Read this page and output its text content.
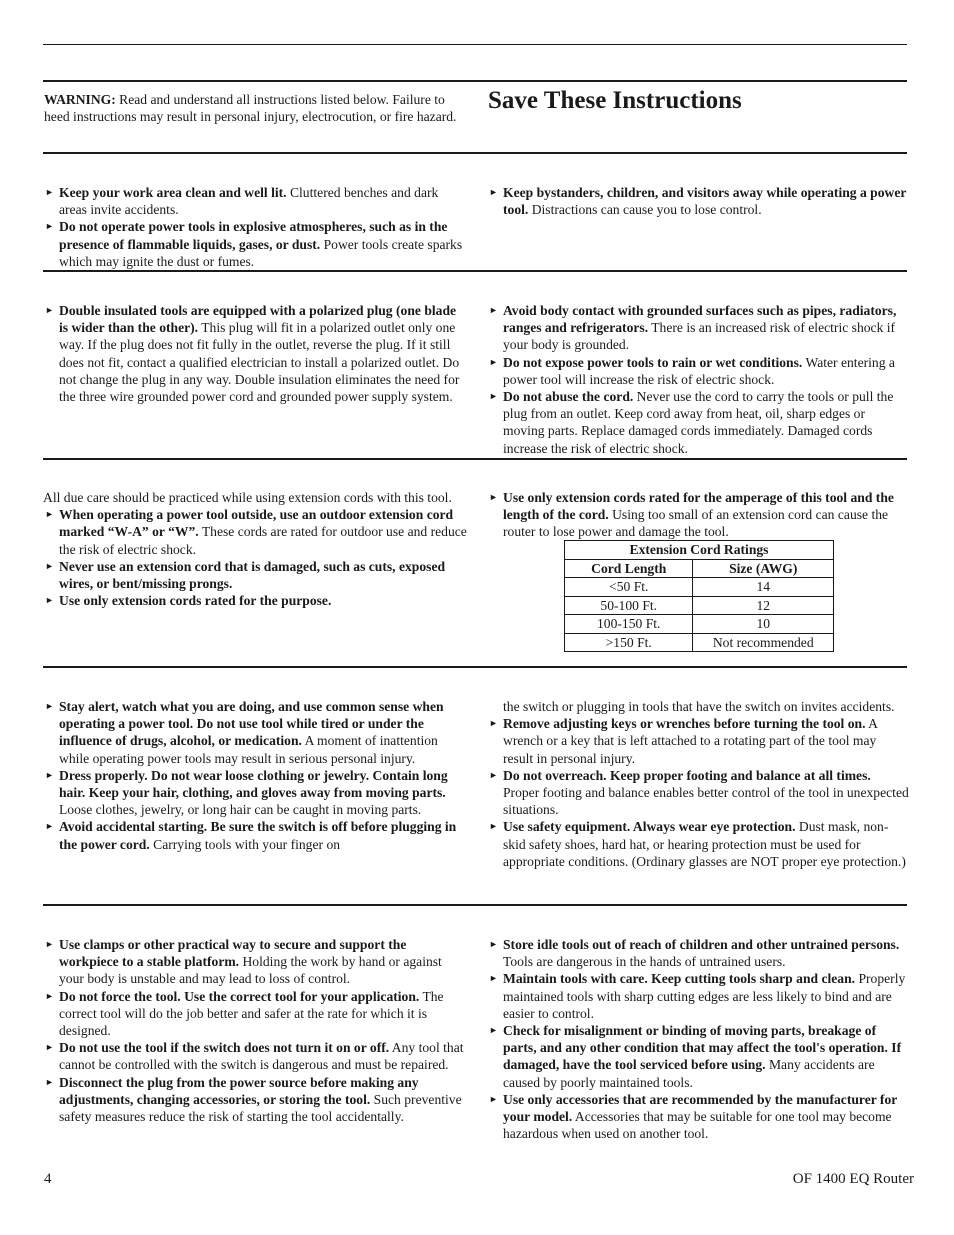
WARNING: Read and understand all instructions listed below. Failure to heed instructions may result in personal injury, electrocution, or fire hazard.
Save These Instructions
► Keep your work area clean and well lit. Cluttered benches and dark areas invite accidents.
► Do not operate power tools in explosive atmospheres, such as in the presence of flammable liquids, gases, or dust. Power tools create sparks which may ignite the dust or fumes.
► Keep bystanders, children, and visitors away while operating a power tool. Distractions can cause you to lose control.
► Double insulated tools are equipped with a polarized plug (one blade is wider than the other). This plug will fit in a polarized outlet only one way. If the plug does not fit fully in the outlet, reverse the plug. If it still does not fit, contact a qualified electrician to install a polarized outlet. Do not change the plug in any way. Double insulation eliminates the need for the three wire grounded power cord and grounded power supply system.
► Avoid body contact with grounded surfaces such as pipes, radiators, ranges and refrigerators. There is an increased risk of electric shock if your body is grounded.
► Do not expose power tools to rain or wet conditions. Water entering a power tool will increase the risk of electric shock.
► Do not abuse the cord. Never use the cord to carry the tools or pull the plug from an outlet. Keep cord away from heat, oil, sharp edges or moving parts. Replace damaged cords immediately. Damaged cords increase the risk of electric shock.

All due care should be practiced while using extension cords with this tool.

► When operating a power tool outside, use an outdoor extension cord marked “W-A” or “W”. These cords are rated for outdoor use and reduce the risk of electric shock.
► Never use an extension cord that is damaged, such as cuts, exposed wires, or bent/missing prongs.
► Use only extension cords rated for the purpose.
► Use only extension cords rated for the amperage of this tool and the length of the cord. Using too small of an extension cord can cause the router to lose power and damage the tool.
Extension Cord Ratings	
Cord Length	Size (AWG)
<50 Ft.	14
50-100 Ft.	12
100-150 Ft.	10
>150 Ft.	Not recommended
► Stay alert, watch what you are doing, and use common sense when operating a power tool. Do not use tool while tired or under the influence of drugs, alcohol, or medication. A moment of inattention while operating power tools may result in serious personal injury.
► Dress properly. Do not wear loose clothing or jewelry. Contain long hair. Keep your hair, clothing, and gloves away from moving parts. Loose clothes, jewelry, or long hair can be caught in moving parts.
► Avoid accidental starting. Be sure the switch is off before plugging in the power cord. Carrying tools with your finger on

the switch or plugging in tools that have the switch on invites accidents.

► Remove adjusting keys or wrenches before turning the tool on. A wrench or a key that is left attached to a rotating part of the tool may result in personal injury.
► Do not overreach. Keep proper footing and balance at all times. Proper footing and balance enables better control of the tool in unexpected situations.
► Use safety equipment. Always wear eye protection. Dust mask, non-skid safety shoes, hard hat, or hearing protection must be used for appropriate conditions. (Ordinary glasses are NOT proper eye protection.)
► Use clamps or other practical way to secure and support the workpiece to a stable platform. Holding the work by hand or against your body is unstable and may lead to loss of control.
► Do not force the tool. Use the correct tool for your application. The correct tool will do the job better and safer at the rate for which it is designed.
► Do not use the tool if the switch does not turn it on or off. Any tool that cannot be controlled with the switch is dangerous and must be repaired.
► Disconnect the plug from the power source before making any adjustments, changing accessories, or storing the tool. Such preventive safety measures reduce the risk of starting the tool accidentally.
► Store idle tools out of reach of children and other untrained persons. Tools are dangerous in the hands of untrained users.
► Maintain tools with care. Keep cutting tools sharp and clean. Properly maintained tools with sharp cutting edges are less likely to bind and are easier to control.
► Check for misalignment or binding of moving parts, breakage of parts, and any other condition that may affect the tool's operation. If damaged, have the tool serviced before using. Many accidents are caused by poorly maintained tools.
► Use only accessories that are recommended by the manufacturer for your model. Accessories that may be suitable for one tool may become hazardous when used on another tool.
4	OF 1400 EQ Router
